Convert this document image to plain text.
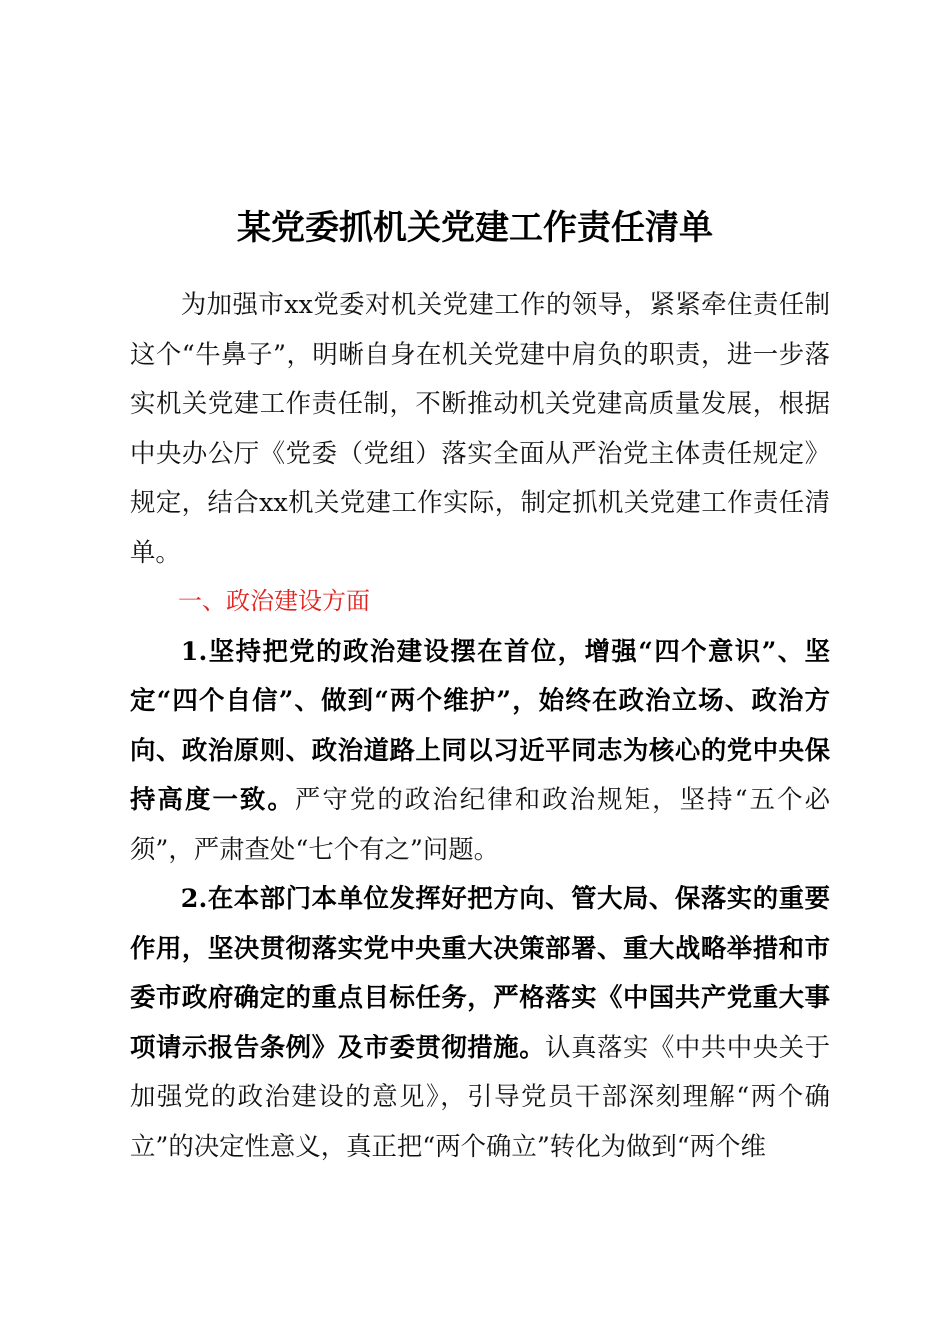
某党委抓机关党建工作责任清单

为加强市xx党委对机关党建工作的领导，紧紧牵住责任制这个“牛鼻子”，明晰自身在机关党建中肩负的职责，进一步落实机关党建工作责任制，不断推动机关党建高质量发展，根据中央办公厅《党委（党组）落实全面从严治党主体责任规定》规定，结合xx机关党建工作实际，制定抓机关党建工作责任清单。

一、政治建设方面

1.坚持把党的政治建设摆在首位，增强“四个意识”、坚定“四个自信”、做到“两个维护”，始终在政治立场、政治方向、政治原则、政治道路上同以习近平同志为核心的党中央保持高度一致。严守党的政治纪律和政治规矩，坚持“五个必须”，严肃查处“七个有之”问题。

2.在本部门本单位发挥好把方向、管大局、保落实的重要作用，坚决贯彻落实党中央重大决策部署、重大战略举措和市委市政府确定的重点目标任务，严格落实《中国共产党重大事项请示报告条例》及市委贯彻措施。认真落实《中共中央关于加强党的政治建设的意见》，引导党员干部深刻理解“两个确立”的决定性意义，真正把“两个确立”转化为做到“两个维
